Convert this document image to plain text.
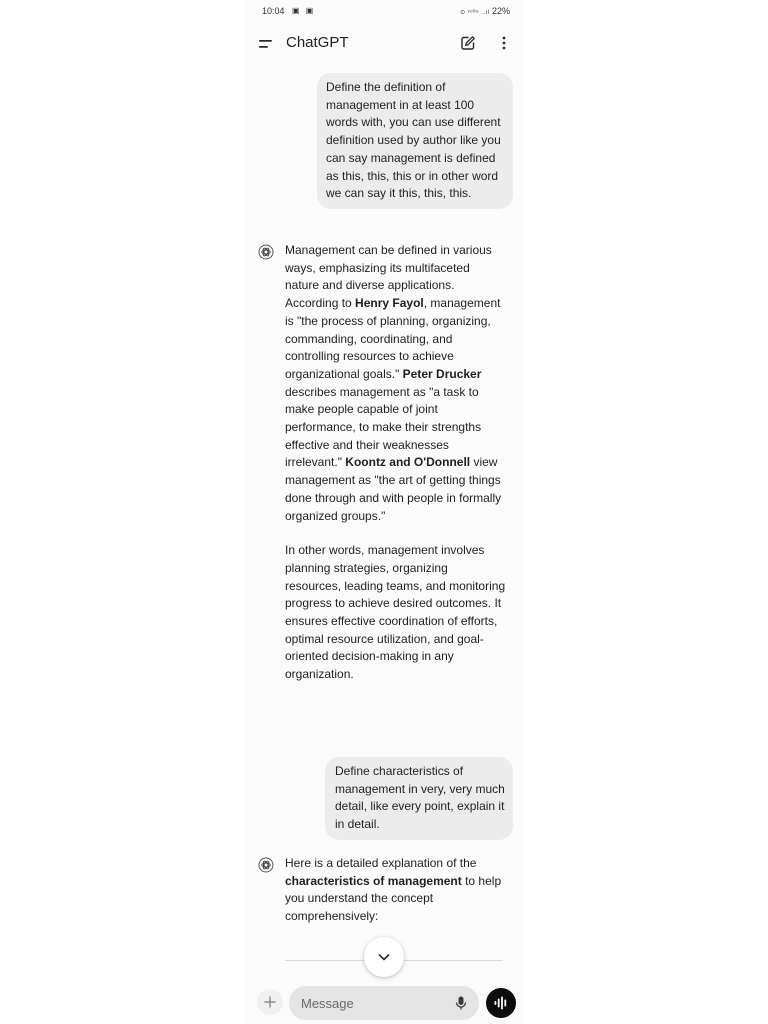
10:04 ▣ ▣	⊙ ᵛᵒˡᵗᵉ ..ıl 22%
ChatGPT
Define the definition of management in at least 100 words with, you can use different definition used by author like you can say management is defined as this, this, this or in other word we can say it this, this, this.

Management can be defined in various ways, emphasizing its multifaceted nature and diverse applications. According to Henry Fayol, management is "the process of planning, organizing, commanding, coordinating, and controlling resources to achieve organizational goals." Peter Drucker describes management as "a task to make people capable of joint performance, to make their strengths effective and their weaknesses irrelevant." Koontz and O'Donnell view management as "the art of getting things done through and with people in formally organized groups."

In other words, management involves planning strategies, organizing resources, leading teams, and monitoring progress to achieve desired outcomes. It ensures effective coordination of efforts, optimal resource utilization, and goal-oriented decision-making in any organization.

Define characteristics of management in very, very much detail, like every point, explain it in detail.

Here is a detailed explanation of the characteristics of management to help you understand the concept comprehensively:

Message
